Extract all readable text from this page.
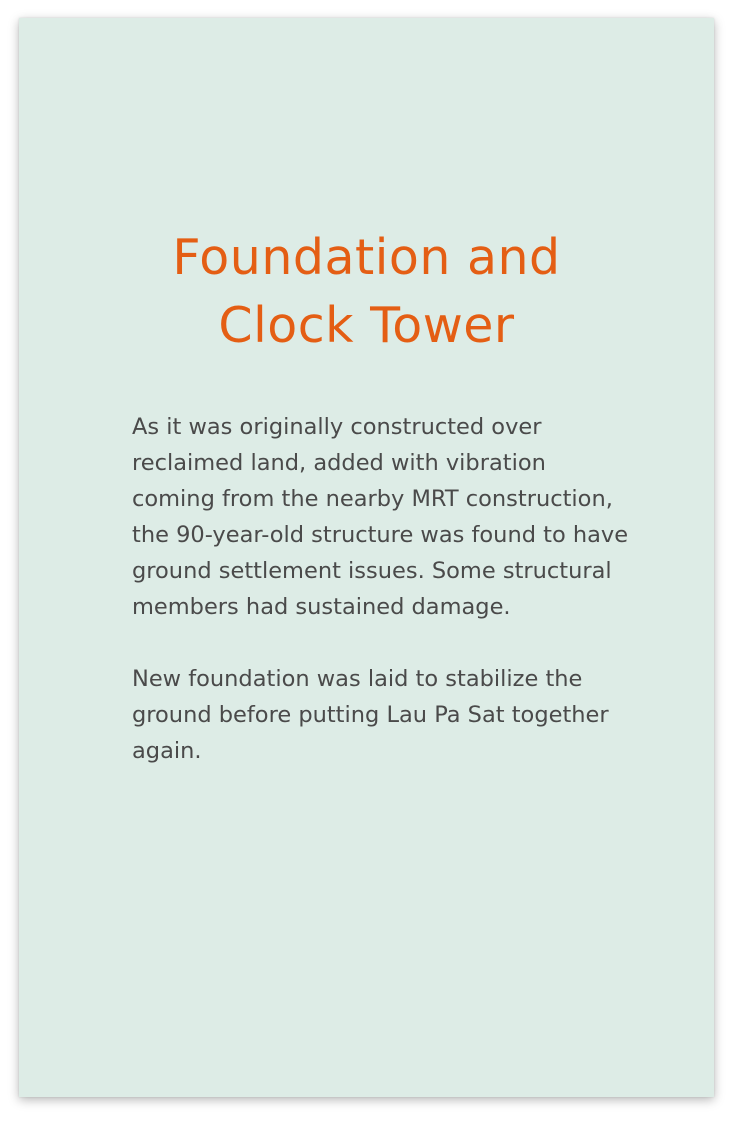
Foundation and
Clock Tower

As it was originally constructed over reclaimed land, added with vibration coming from the nearby MRT construction, the 90-year-old structure was found to have ground settlement issues. Some structural members had sustained damage.

New foundation was laid to stabilize the ground before putting Lau Pa Sat together again.
